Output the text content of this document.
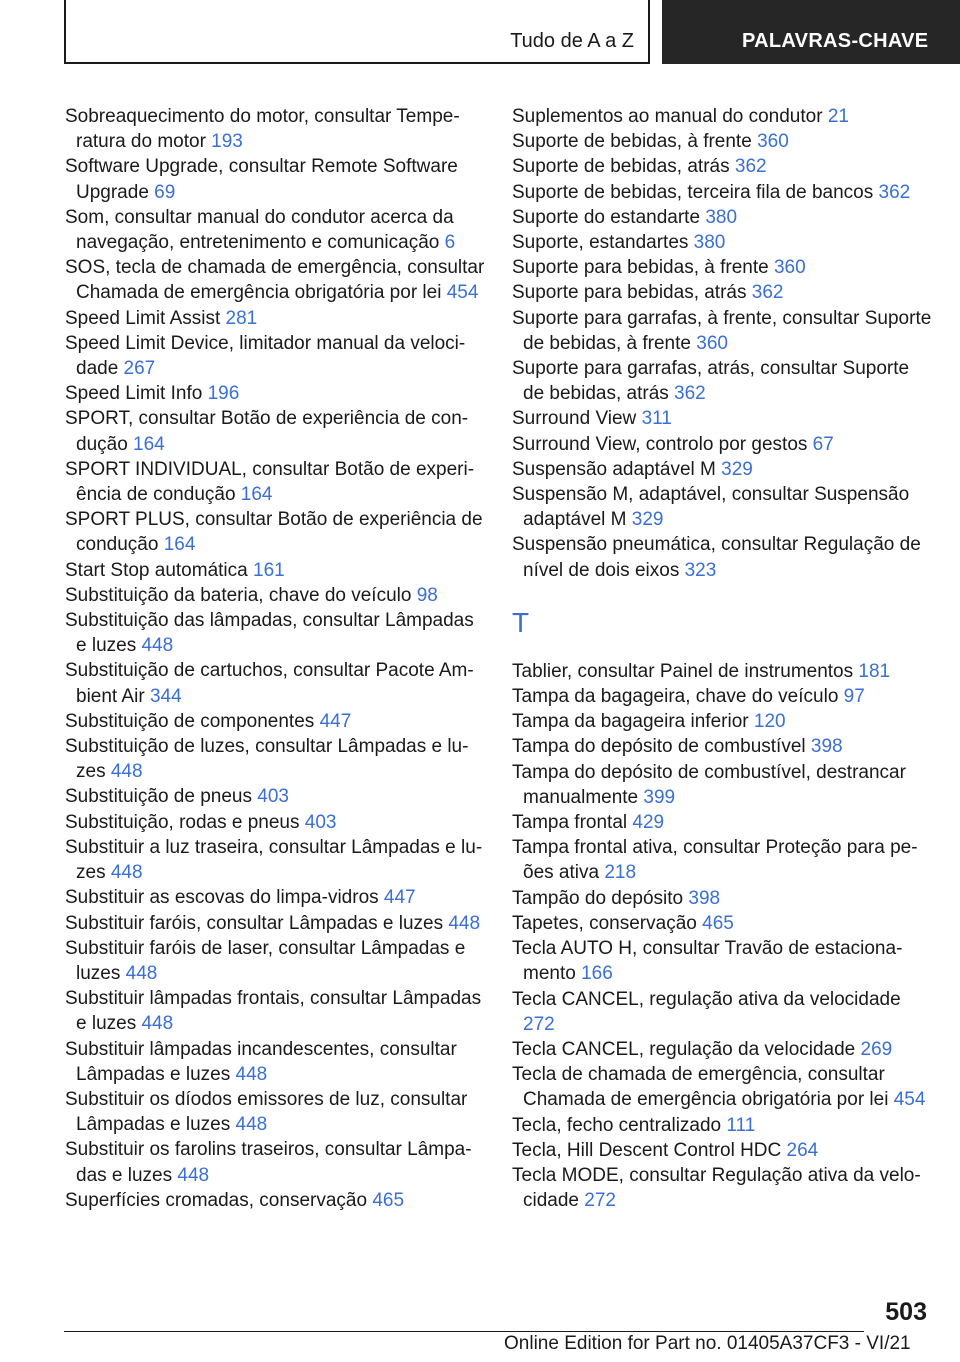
Tudo de A a Z	PALAVRAS-CHAVE
Sobreaquecimento do motor, consultar Temperatura do motor 193
Software Upgrade, consultar Remote Software Upgrade 69
Som, consultar manual do condutor acerca da navegação, entretenimento e comunicação 6
SOS, tecla de chamada de emergência, consultar Chamada de emergência obrigatória por lei 454
Speed Limit Assist 281
Speed Limit Device, limitador manual da velocidade 267
Speed Limit Info 196
SPORT, consultar Botão de experiência de condução 164
SPORT INDIVIDUAL, consultar Botão de experiência de condução 164
SPORT PLUS, consultar Botão de experiência de condução 164
Start Stop automática 161
Substituição da bateria, chave do veículo 98
Substituição das lâmpadas, consultar Lâmpadas e luzes 448
Substituição de cartuchos, consultar Pacote Ambient Air 344
Substituição de componentes 447
Substituição de luzes, consultar Lâmpadas e luzes 448
Substituição de pneus 403
Substituição, rodas e pneus 403
Substituir a luz traseira, consultar Lâmpadas e luzes 448
Substituir as escovas do limpa-vidros 447
Substituir faróis, consultar Lâmpadas e luzes 448
Substituir faróis de laser, consultar Lâmpadas e luzes 448
Substituir lâmpadas frontais, consultar Lâmpadas e luzes 448
Substituir lâmpadas incandescentes, consultar Lâmpadas e luzes 448
Substituir os díodos emissores de luz, consultar Lâmpadas e luzes 448
Substituir os farolins traseiros, consultar Lâmpadas e luzes 448
Superfícies cromadas, conservação 465
Suplementos ao manual do condutor 21
Suporte de bebidas, à frente 360
Suporte de bebidas, atrás 362
Suporte de bebidas, terceira fila de bancos 362
Suporte do estandarte 380
Suporte, estandartes 380
Suporte para bebidas, à frente 360
Suporte para bebidas, atrás 362
Suporte para garrafas, à frente, consultar Suporte de bebidas, à frente 360
Suporte para garrafas, atrás, consultar Suporte de bebidas, atrás 362
Surround View 311
Surround View, controlo por gestos 67
Suspensão adaptável M 329
Suspensão M, adaptável, consultar Suspensão adaptável M 329
Suspensão pneumática, consultar Regulação de nível de dois eixos 323
T
Tablier, consultar Painel de instrumentos 181
Tampa da bagageira, chave do veículo 97
Tampa da bagageira inferior 120
Tampa do depósito de combustível 398
Tampa do depósito de combustível, destrancar manualmente 399
Tampa frontal 429
Tampa frontal ativa, consultar Proteção para peões ativa 218
Tampão do depósito 398
Tapetes, conservação 465
Tecla AUTO H, consultar Travão de estacionamento 166
Tecla CANCEL, regulação ativa da velocidade 272
Tecla CANCEL, regulação da velocidade 269
Tecla de chamada de emergência, consultar Chamada de emergência obrigatória por lei 454
Tecla, fecho centralizado 111
Tecla, Hill Descent Control HDC 264
Tecla MODE, consultar Regulação ativa da velocidade 272
503
Online Edition for Part no. 01405A37CF3 - VI/21
